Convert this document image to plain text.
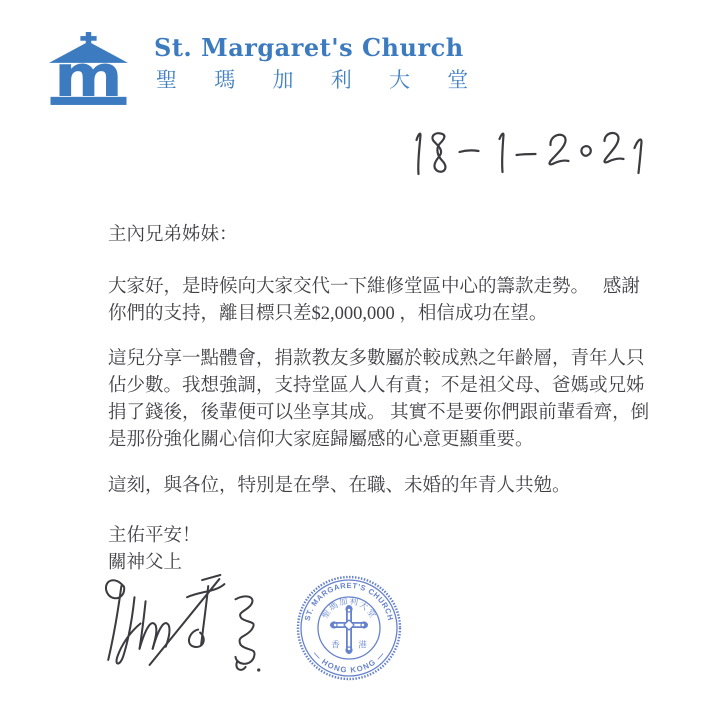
m St. Margaret's Church
聖 瑪 加 利 大 堂
主內兄弟姊妹：
大家好，是時候向大家交代一下維修堂區中心的籌款走勢。　 感謝
你們的支持，離目標只差$2,000,000 ，相信成功在望。
這兒分享一點體會，捐款教友多數屬於較成熟之年齡層，青年人只
佔少數。我想強調，支持堂區人人有責；不是祖父母、爸媽或兄姊
捐了錢後，後輩便可以坐享其成。 其實不是要你們跟前輩看齊，倒
是那份強化關心信仰大家庭歸屬感的心意更顯重要。
這刻，與各位，特別是在學、在職、未婚的年青人共勉。
主佑平安！
關神父上
ST. MARGARET'S CHURCH
— HONG KONG —
聖瑪加利大堂
香 港
